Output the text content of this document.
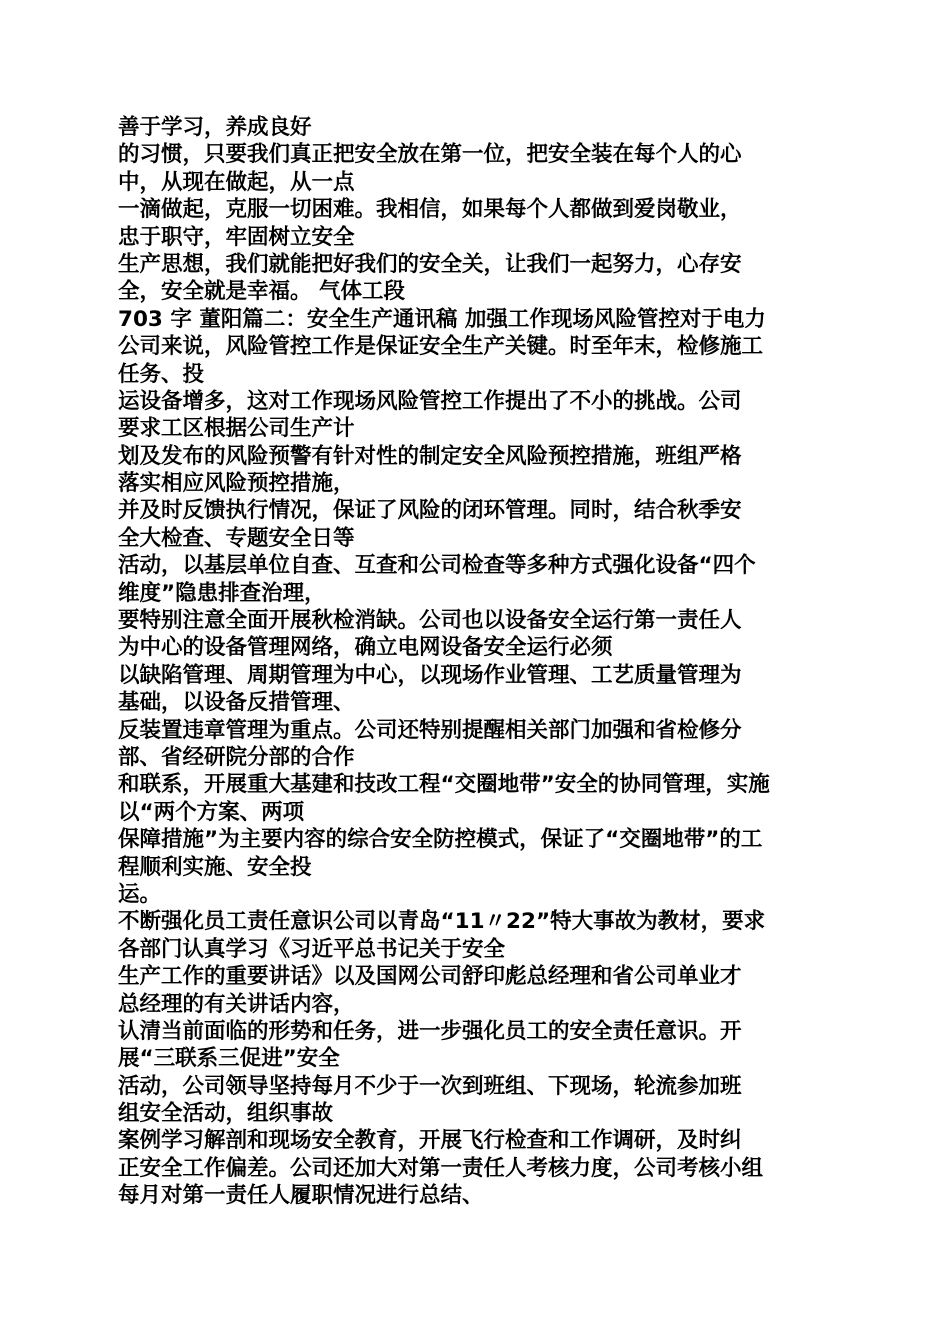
善于学习，养成良好
的习惯，只要我们真正把安全放在第一位，把安全装在每个人的心
中，从现在做起，从一点
一滴做起，克服一切困难。我相信，如果每个人都做到爱岗敬业，
忠于职守，牢固树立安全
生产思想，我们就能把好我们的安全关，让我们一起努力，心存安
全，安全就是幸福。 气体工段
703 字 董阳篇二：安全生产通讯稿 加强工作现场风险管控对于电力
公司来说，风险管控工作是保证安全生产关键。时至年末，检修施工
任务、投
运设备增多，这对工作现场风险管控工作提出了不小的挑战。公司
要求工区根据公司生产计
划及发布的风险预警有针对性的制定安全风险预控措施，班组严格
落实相应风险预控措施，
并及时反馈执行情况，保证了风险的闭环管理。同时，结合秋季安
全大检查、专题安全日等
活动，以基层单位自查、互查和公司检查等多种方式强化设备“四个
维度”隐患排查治理，
要特别注意全面开展秋检消缺。公司也以设备安全运行第一责任人
为中心的设备管理网络，确立电网设备安全运行必须
以缺陷管理、周期管理为中心，以现场作业管理、工艺质量管理为
基础，以设备反措管理、
反装置违章管理为重点。公司还特别提醒相关部门加强和省检修分
部、省经研院分部的合作
和联系，开展重大基建和技改工程“交圈地带”安全的协同管理，实施
以“两个方案、两项
保障措施”为主要内容的综合安全防控模式，保证了“交圈地带”的工
程顺利实施、安全投
运。
不断强化员工责任意识公司以青岛“11〃22”特大事故为教材，要求
各部门认真学习《习近平总书记关于安全
生产工作的重要讲话》以及国网公司舒印彪总经理和省公司单业才
总经理的有关讲话内容，
认清当前面临的形势和任务，进一步强化员工的安全责任意识。开
展“三联系三促进”安全
活动，公司领导坚持每月不少于一次到班组、下现场，轮流参加班
组安全活动，组织事故
案例学习解剖和现场安全教育，开展飞行检查和工作调研，及时纠
正安全工作偏差。公司还加大对第一责任人考核力度，公司考核小组
每月对第一责任人履职情况进行总结、
